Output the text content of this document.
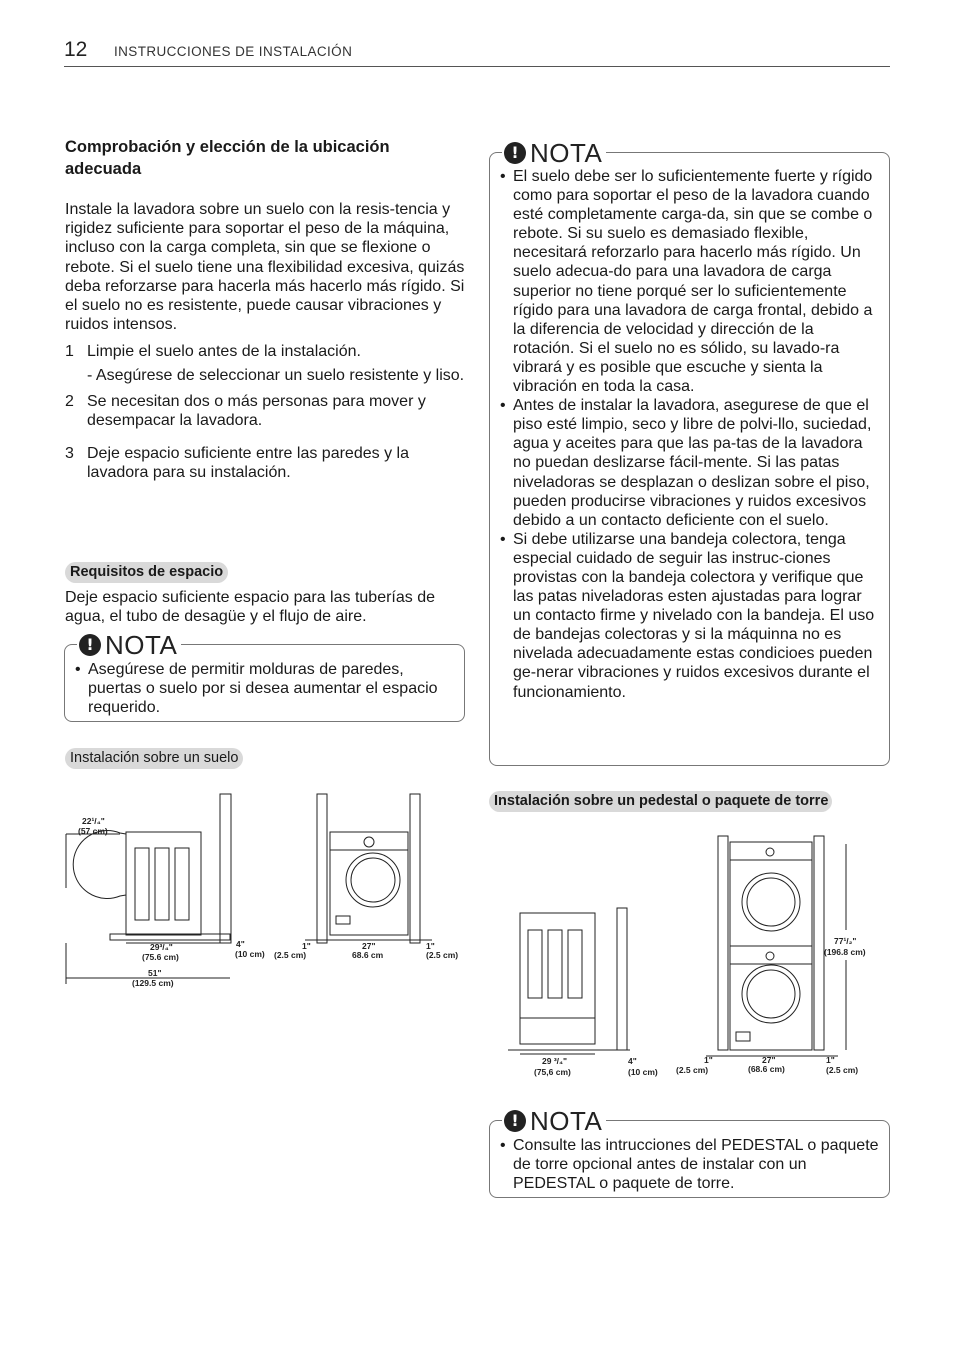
12 INSTRUCCIONES DE INSTALACIÓN
Comprobación y elección de la ubicación adecuada

Instale la lavadora sobre un suelo con la resis-tencia y rigidez suficiente para soportar el peso de la máquina, incluso con la carga completa, sin que se flexione o rebote. Si el suelo tiene una flexibilidad excesiva, quizás deba reforzarse para hacerla más hacerlo más rígido. Si el suelo no es resistente, puede causar vibraciones y ruidos intensos.

1 Limpie el suelo antes de la instalación.

- Asegúrese de seleccionar un suelo resistente y liso.

2 Se necesitan dos o más personas para mover y desempacar la lavadora.
3 Deje espacio suficiente entre las paredes y la lavadora para su instalación.
Requisitos de espacio

Deje espacio suficiente espacio para las tuberías de agua, el tubo de desagüe y el flujo de aire.

! NOTA
• Asegúrese de permitir molduras de paredes, puertas o suelo por si desea aumentar el espacio requerido.
Instalación sobre un suelo
! NOTA
• El suelo debe ser lo suficientemente fuerte y rígido como para soportar el peso de la lavadora cuando esté completamente carga-da, sin que se combe o rebote. Si su suelo es demasiado flexible, necesitará reforzarlo para hacerlo más rígido. Un suelo adecua-do para una lavadora de carga superior no tiene porqué ser lo suficientemente rígido para una lavadora de carga frontal, debido a la diferencia de velocidad y dirección de la rotación. Si el suelo no es sólido, su lavado-ra vibrará y es posible que escuche y sienta la vibración en toda la casa.
• Antes de instalar la lavadora, asegurese de que el piso esté limpio, seco y libre de polvi-llo, suciedad, agua y aceites para que las pa-tas de la lavadora no puedan deslizarse fácil-mente. Si las patas niveladoras se desplazan o deslizan sobre el piso, pueden producirse vibraciones y ruidos excesivos debido a un contacto deficiente con el suelo.
• Si debe utilizarse una bandeja colectora, tenga especial cuidado de seguir las instruc-ciones provistas con la bandeja colectora y verifique que las patas niveladoras esten ajustadas para lograr un contacto firme y nivelado con la bandeja. El uso de bandejas colectoras y si la máquinna no es nivelada adecuadamente estas condicioes pueden ge-nerar vibraciones y ruidos excesivos durante el funcionamiento.
Instalación sobre un pedestal o paquete de torre
! NOTA
• Consulte las intrucciones del PEDESTAL o paquete de torre opcional antes de instalar con un PEDESTAL o paquete de torre.
22¹/₄"
(57 cm)
29³/₄"
(75.6 cm)
4"
(10 cm)
51"
(129.5 cm)
1"
(2.5 cm)
27"
68.6 cm
1"
(2.5 cm)
29 ³/₄"
(75,6 cm)
4"
(10 cm)
77¹/₂"
(196.8 cm)
1"
(2.5 cm)
27"
(68.6 cm)
1"
(2.5 cm)
